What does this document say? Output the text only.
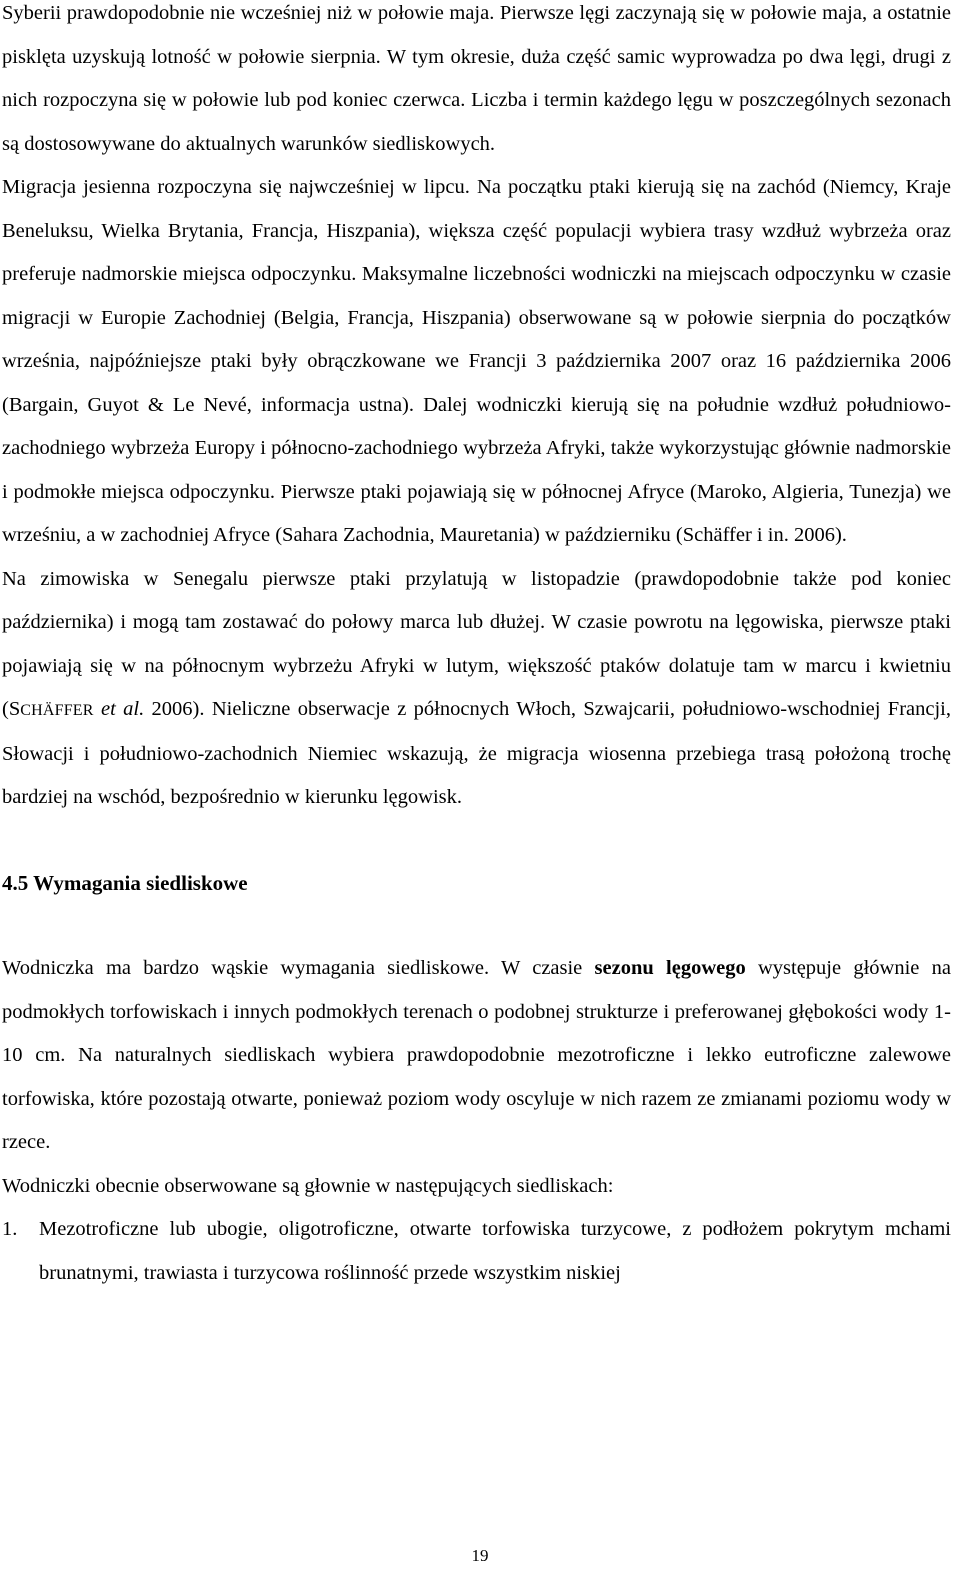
Syberii prawdopodobnie nie wcześniej niż w połowie maja. Pierwsze lęgi zaczynają się w połowie maja, a ostatnie pisklęta uzyskują lotność w połowie sierpnia. W tym okresie, duża część samic wyprowadza po dwa lęgi, drugi z nich rozpoczyna się w połowie lub pod koniec czerwca. Liczba i termin każdego lęgu w poszczególnych sezonach są dostosowywane do aktualnych warunków siedliskowych.

Migracja jesienna rozpoczyna się najwcześniej w lipcu. Na początku ptaki kierują się na zachód (Niemcy, Kraje Beneluksu, Wielka Brytania, Francja, Hiszpania), większa część populacji wybiera trasy wzdłuż wybrzeża oraz preferuje nadmorskie miejsca odpoczynku. Maksymalne liczebności wodniczki na miejscach odpoczynku w czasie migracji w Europie Zachodniej (Belgia, Francja, Hiszpania) obserwowane są w połowie sierpnia do początków września, najpóźniejsze ptaki były obrączkowane we Francji 3 października 2007 oraz 16 października 2006 (Bargain, Guyot & Le Nevé, informacja ustna). Dalej wodniczki kierują się na południe wzdłuż południowo-zachodniego wybrzeża Europy i północno-zachodniego wybrzeża Afryki, także wykorzystując głównie nadmorskie i podmokłe miejsca odpoczynku. Pierwsze ptaki pojawiają się w północnej Afryce (Maroko, Algieria, Tunezja) we wrześniu, a w zachodniej Afryce (Sahara Zachodnia, Mauretania) w październiku (Schäffer i in. 2006).

Na zimowiska w Senegalu pierwsze ptaki przylatują w listopadzie (prawdopodobnie także pod koniec października) i mogą tam zostawać do połowy marca lub dłużej. W czasie powrotu na lęgowiska, pierwsze ptaki pojawiają się w na północnym wybrzeżu Afryki w lutym, większość ptaków dolatuje tam w marcu i kwietniu (SCHÄFFER et al. 2006). Nieliczne obserwacje z północnych Włoch, Szwajcarii, południowo-wschodniej Francji, Słowacji i południowo-zachodnich Niemiec wskazują, że migracja wiosenna przebiega trasą położoną trochę bardziej na wschód, bezpośrednio w kierunku lęgowisk.

4.5 Wymagania siedliskowe

Wodniczka ma bardzo wąskie wymagania siedliskowe. W czasie sezonu lęgowego występuje głównie na podmokłych torfowiskach i innych podmokłych terenach o podobnej strukturze i preferowanej głębokości wody 1-10 cm. Na naturalnych siedliskach wybiera prawdopodobnie mezotroficzne i lekko eutroficzne zalewowe torfowiska, które pozostają otwarte, ponieważ poziom wody oscyluje w nich razem ze zmianami poziomu wody w rzece.

Wodniczki obecnie obserwowane są głownie w następujących siedliskach:

1.	Mezotroficzne lub ubogie, oligotroficzne, otwarte torfowiska turzycowe, z podłożem pokrytym mchami brunatnymi, trawiasta i turzycowa roślinność przede wszystkim niskiej
19
